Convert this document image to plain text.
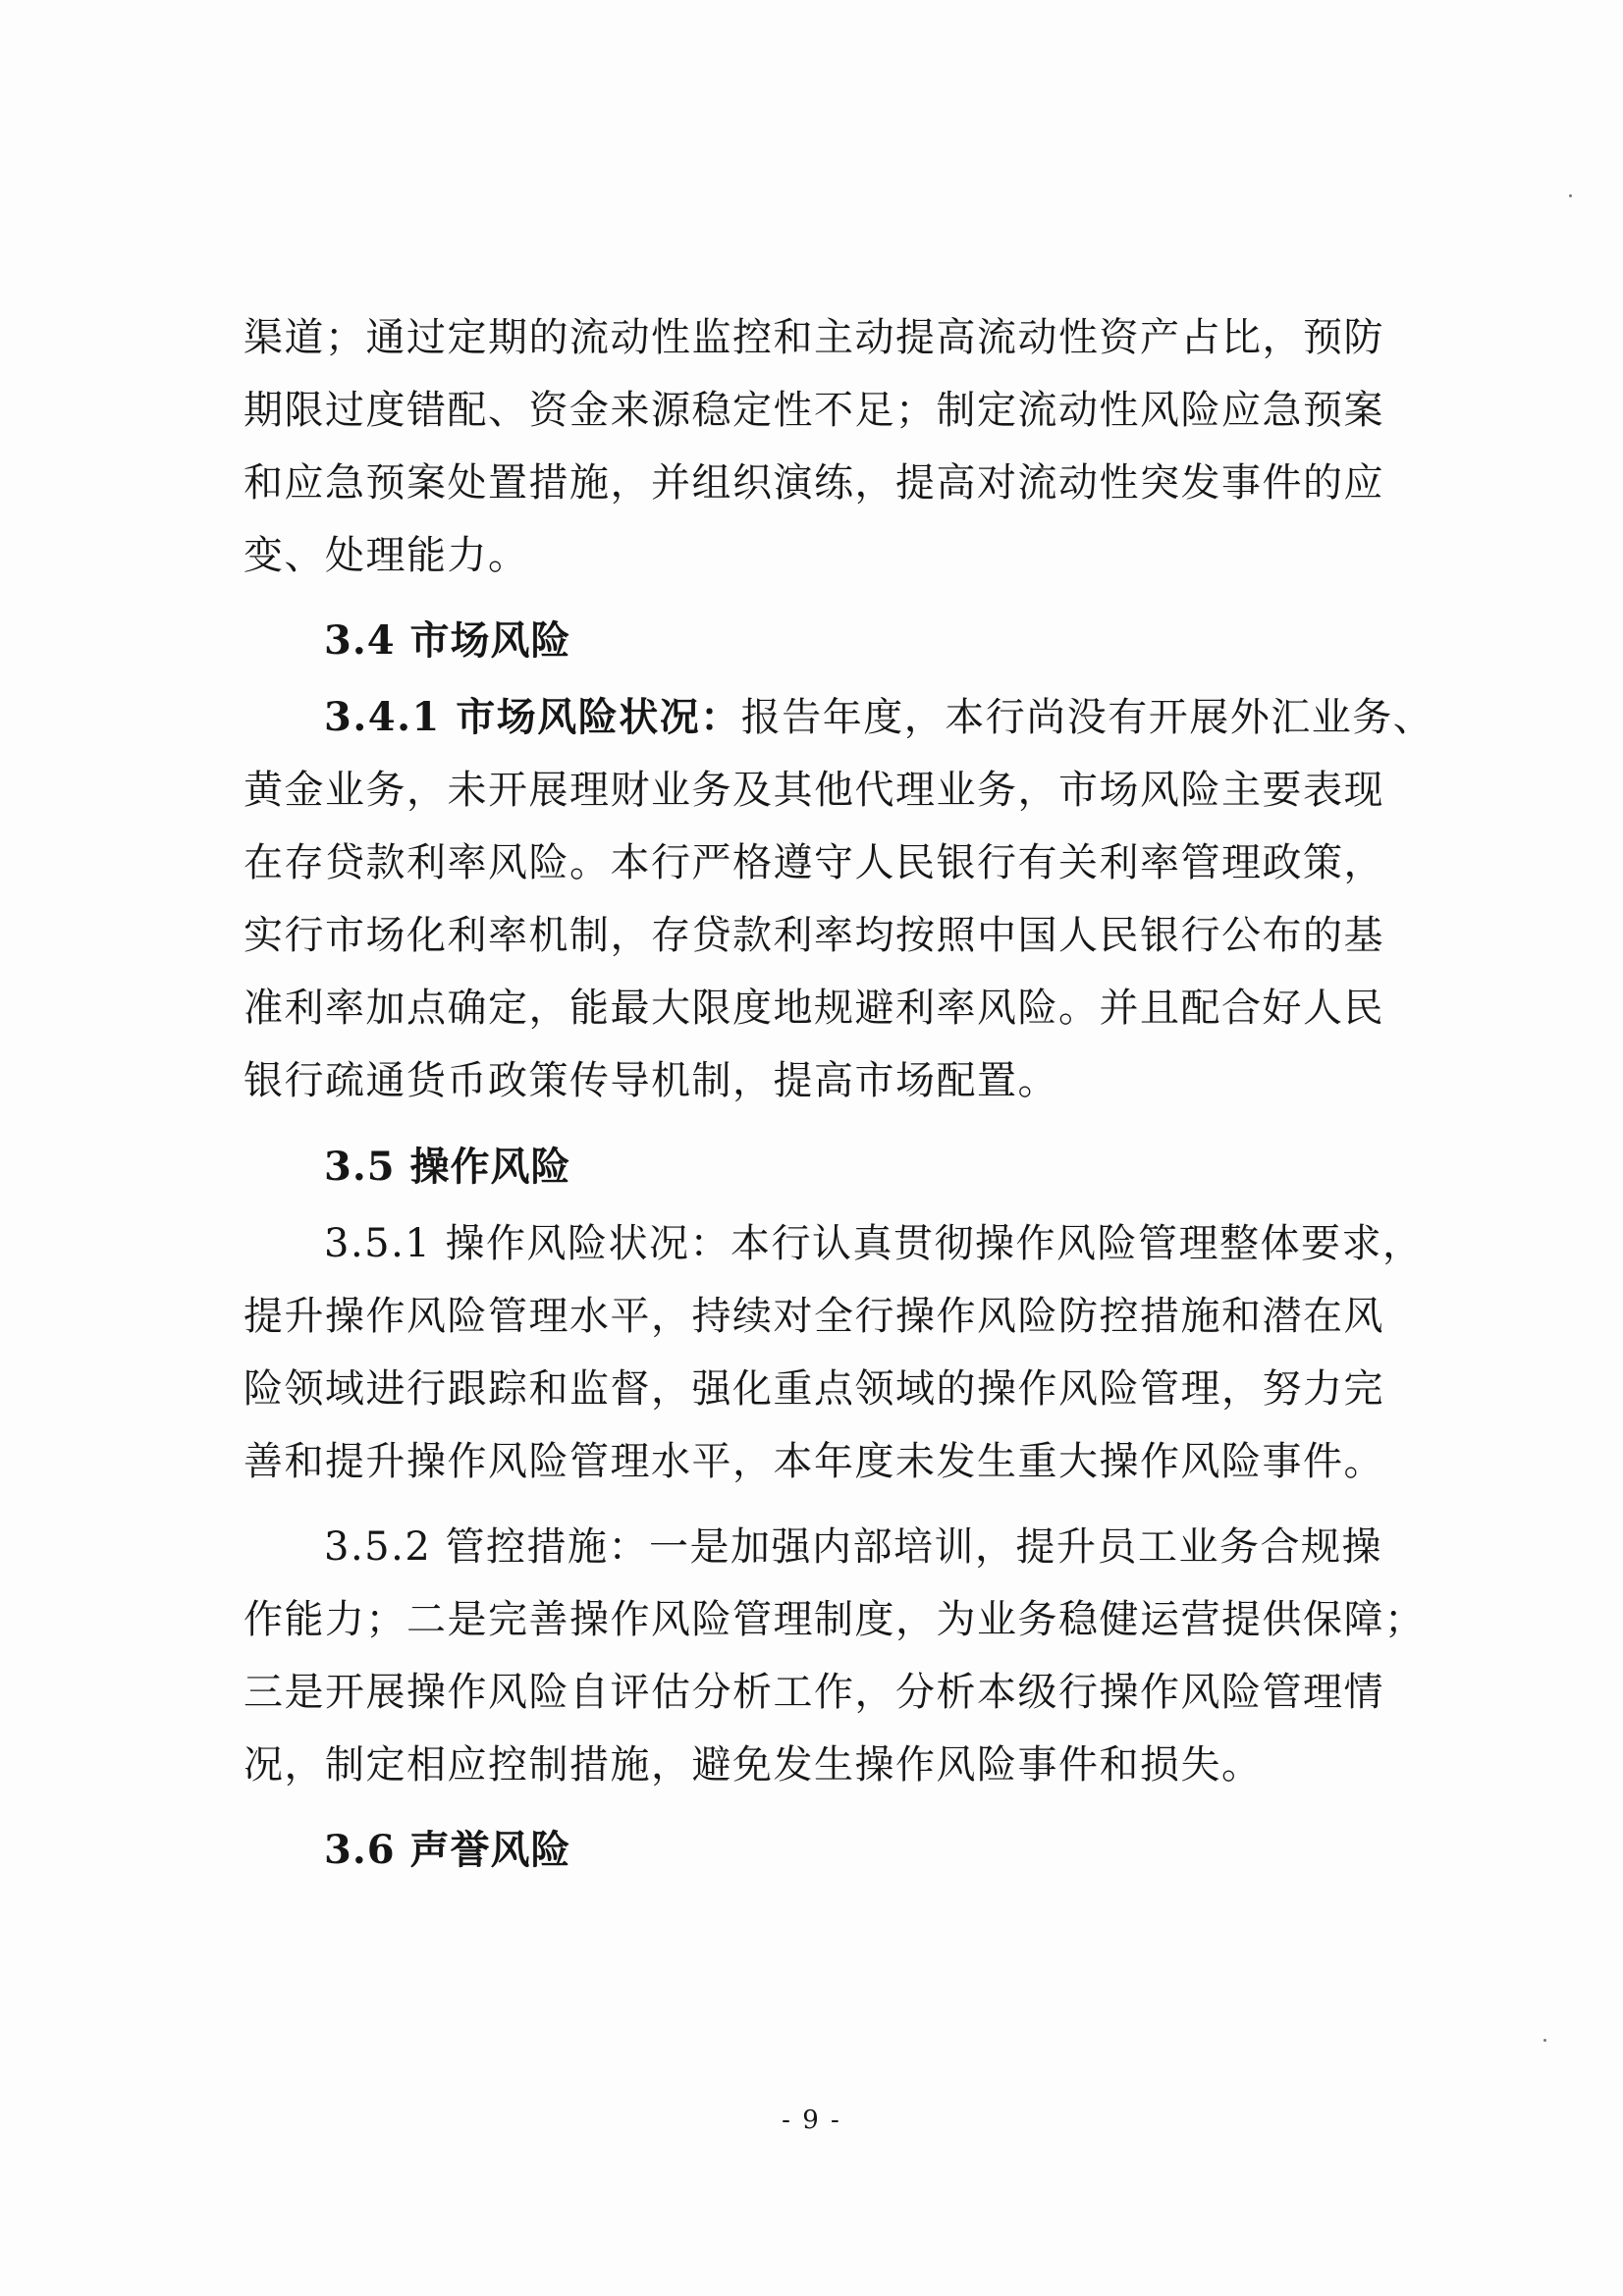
渠道；通过定期的流动性监控和主动提高流动性资产占比，预防
期限过度错配、资金来源稳定性不足；制定流动性风险应急预案
和应急预案处置措施，并组织演练，提高对流动性突发事件的应
变、处理能力。
3.4 市场风险
3.4.1 市场风险状况：报告年度，本行尚没有开展外汇业务、
黄金业务，未开展理财业务及其他代理业务，市场风险主要表现
在存贷款利率风险。本行严格遵守人民银行有关利率管理政策，
实行市场化利率机制，存贷款利率均按照中国人民银行公布的基
准利率加点确定，能最大限度地规避利率风险。并且配合好人民
银行疏通货币政策传导机制，提高市场配置。
3.5 操作风险
3.5.1 操作风险状况：本行认真贯彻操作风险管理整体要求，
提升操作风险管理水平，持续对全行操作风险防控措施和潜在风
险领域进行跟踪和监督，强化重点领域的操作风险管理，努力完
善和提升操作风险管理水平，本年度未发生重大操作风险事件。
3.5.2 管控措施：一是加强内部培训，提升员工业务合规操
作能力；二是完善操作风险管理制度，为业务稳健运营提供保障；
三是开展操作风险自评估分析工作，分析本级行操作风险管理情
况，制定相应控制措施，避免发生操作风险事件和损失。
3.6 声誉风险
- 9 -
